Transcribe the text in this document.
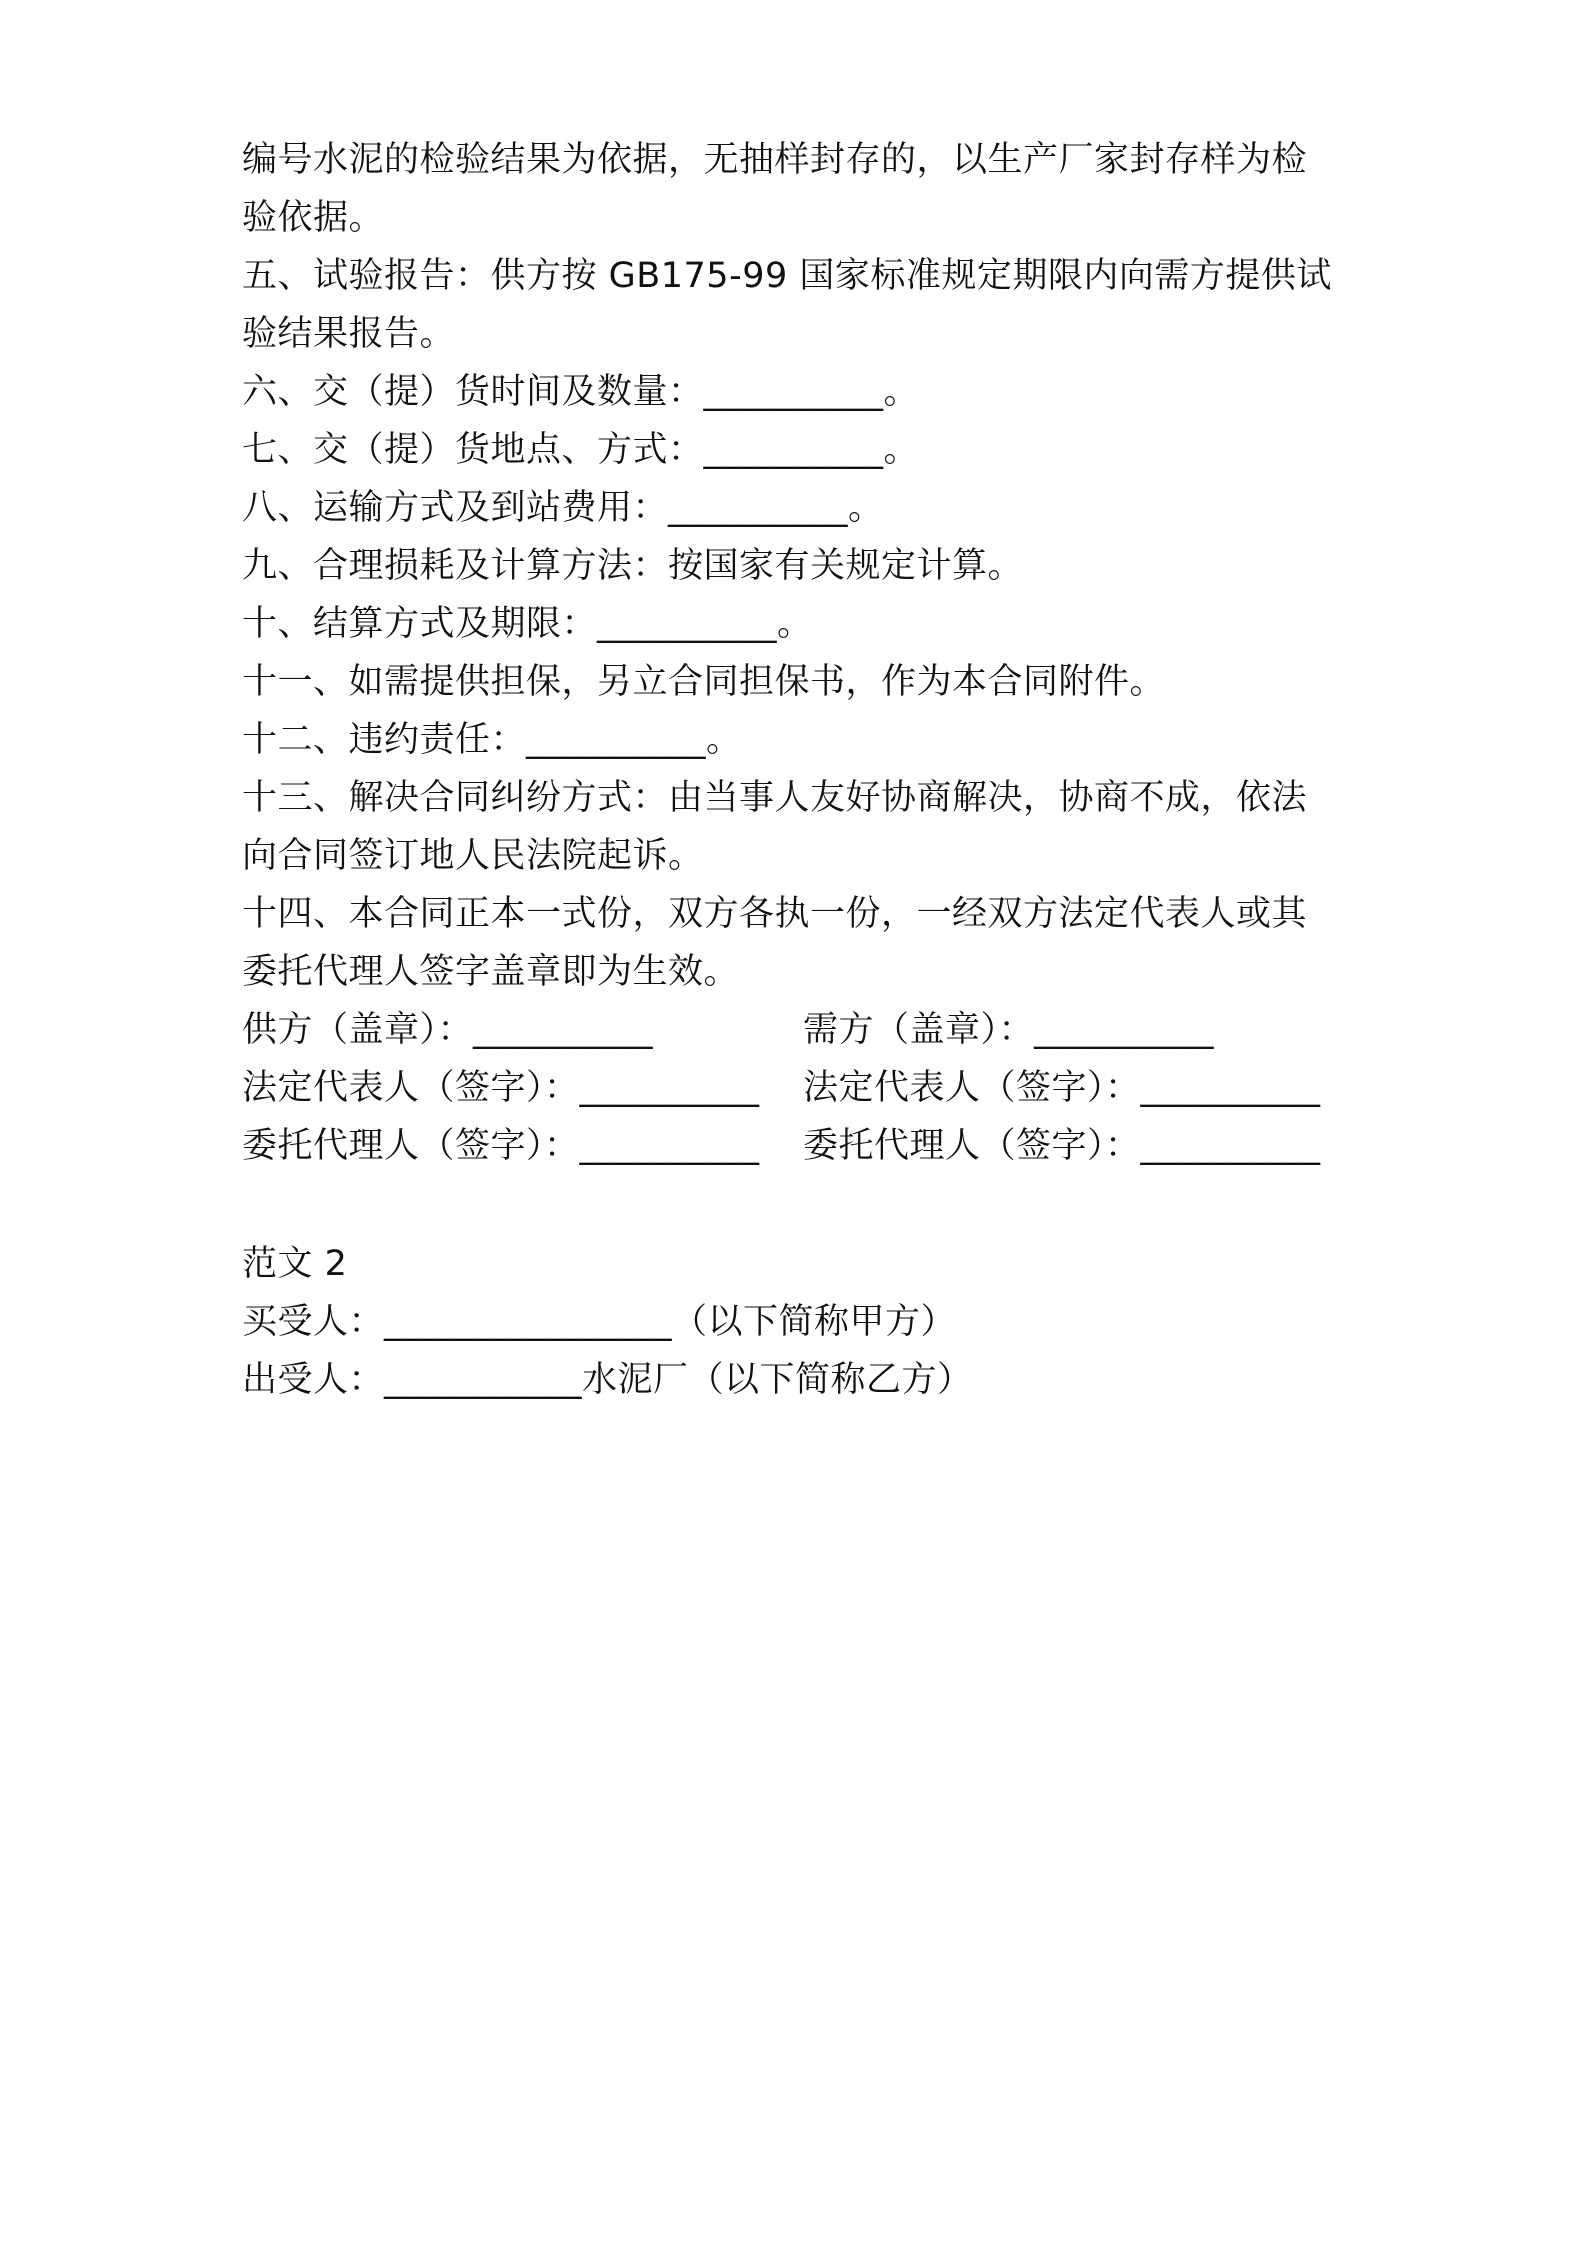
编号水泥的检验结果为依据，无抽样封存的，以生产厂家封存样为检
验依据。
五、试验报告：供方按 GB175-99 国家标准规定期限内向需方提供试
验结果报告。
六、交（提）货时间及数量：__________。
七、交（提）货地点、方式：__________。
八、运输方式及到站费用：__________。
九、合理损耗及计算方法：按国家有关规定计算。
十、结算方式及期限：__________。
十一、如需提供担保，另立合同担保书，作为本合同附件。
十二、违约责任：__________。
十三、解决合同纠纷方式：由当事人友好协商解决，协商不成，依法
向合同签订地人民法院起诉。
十四、本合同正本一式份，双方各执一份，一经双方法定代表人或其
委托代理人签字盖章即为生效。
供方（盖章）：__________	需方（盖章）：__________
法定代表人（签字）：__________ 法定代表人（签字）：__________
委托代理人（签字）：__________ 委托代理人（签字）：__________
范文 2
买受人：________________（以下简称甲方）
出受人：___________水泥厂（以下简称乙方）
